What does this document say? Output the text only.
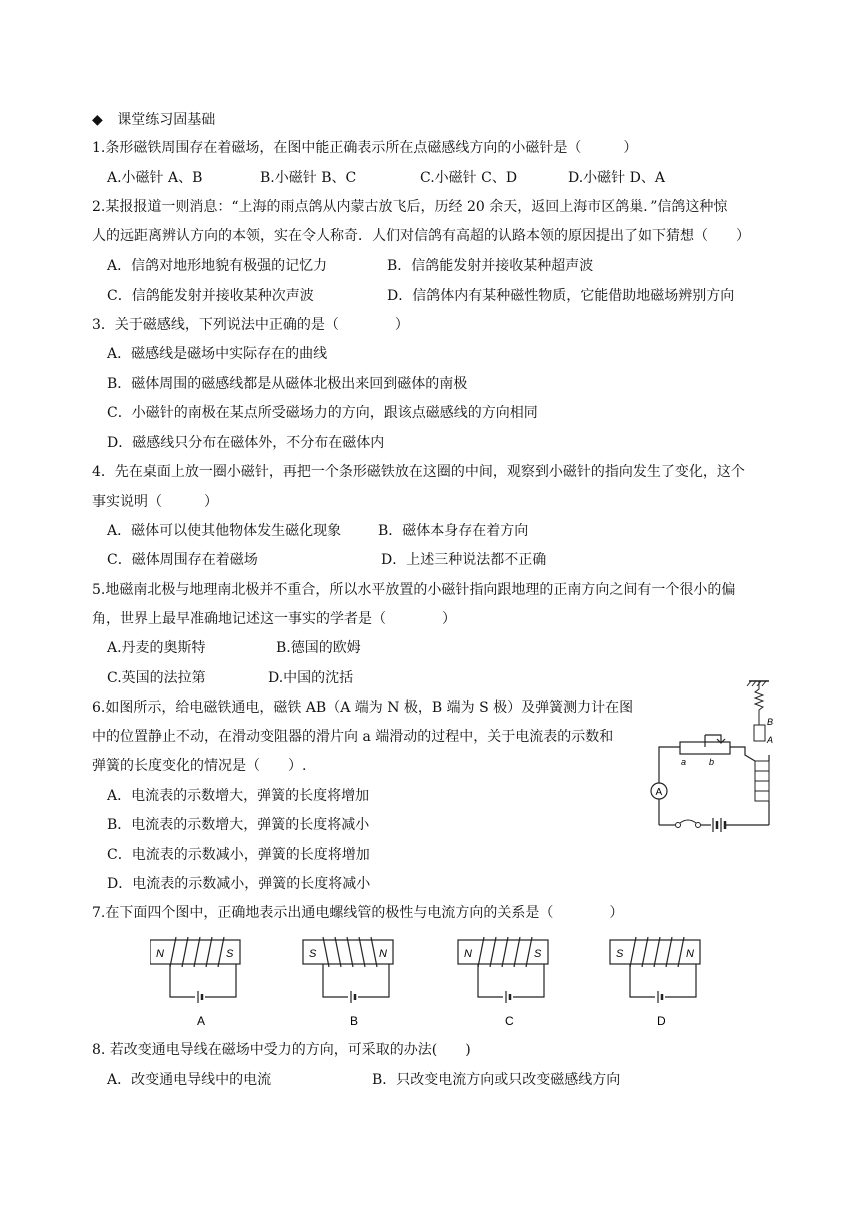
◆ 课堂练习固基础
1.条形磁铁周围存在着磁场，在图中能正确表示所在点磁感线方向的小磁针是（　　　）
A.小磁针 A、B	B.小磁针 B、C	C.小磁针 C、D	D.小磁针 D、A
2.某报报道一则消息：“上海的雨点鸽从内蒙古放飞后，历经 20 余天，返回上海市区鸽巢．”信鸽这种惊
人的远距离辨认方向的本领，实在令人称奇．人们对信鸽有高超的认路本领的原因提出了如下猜想（　　）
A．信鸽对地形地貌有极强的记忆力	B．信鸽能发射并接收某种超声波
C．信鸽能发射并接收某种次声波	D．信鸽体内有某种磁性物质，它能借助地磁场辨别方向
3．关于磁感线，下列说法中正确的是（　　　　）
A．磁感线是磁场中实际存在的曲线
B．磁体周围的磁感线都是从磁体北极出来回到磁体的南极
C．小磁针的南极在某点所受磁场力的方向，跟该点磁感线的方向相同
D．磁感线只分布在磁体外，不分布在磁体内
4．先在桌面上放一圈小磁针，再把一个条形磁铁放在这圈的中间，观察到小磁针的指向发生了变化，这个
事实说明（　　　）
A．磁体可以使其他物体发生磁化现象	B．磁体本身存在着方向
C．磁体周围存在着磁场	D．上述三种说法都不正确
5.地磁南北极与地理南北极并不重合，所以水平放置的小磁针指向跟地理的正南方向之间有一个很小的偏
角，世界上最早准确地记述这一事实的学者是（　　　　）
A.丹麦的奥斯特	B.德国的欧姆
C.英国的法拉第	D.中国的沈括
6.如图所示，给电磁铁通电，磁铁 AB（A 端为 N 极，B 端为 S 极）及弹簧测力计在图
中的位置静止不动，在滑动变阻器的滑片向 a 端滑动的过程中，关于电流表的示数和
弹簧的长度变化的情况是（　　）.
A．电流表的示数增大，弹簧的长度将增加
B．电流表的示数增大，弹簧的长度将减小
C．电流表的示数减小，弹簧的长度将增加
D．电流表的示数减小，弹簧的长度将减小
B
A
A
a	b
7.在下面四个图中，正确地表示出通电螺线管的极性与电流方向的关系是（　　　　）
N	S
A
S	N
B
N	S
C
S	N
D
8. 若改变通电导线在磁场中受力的方向，可采取的办法(　　)
A．改变通电导线中的电流	B．只改变电流方向或只改变磁感线方向
